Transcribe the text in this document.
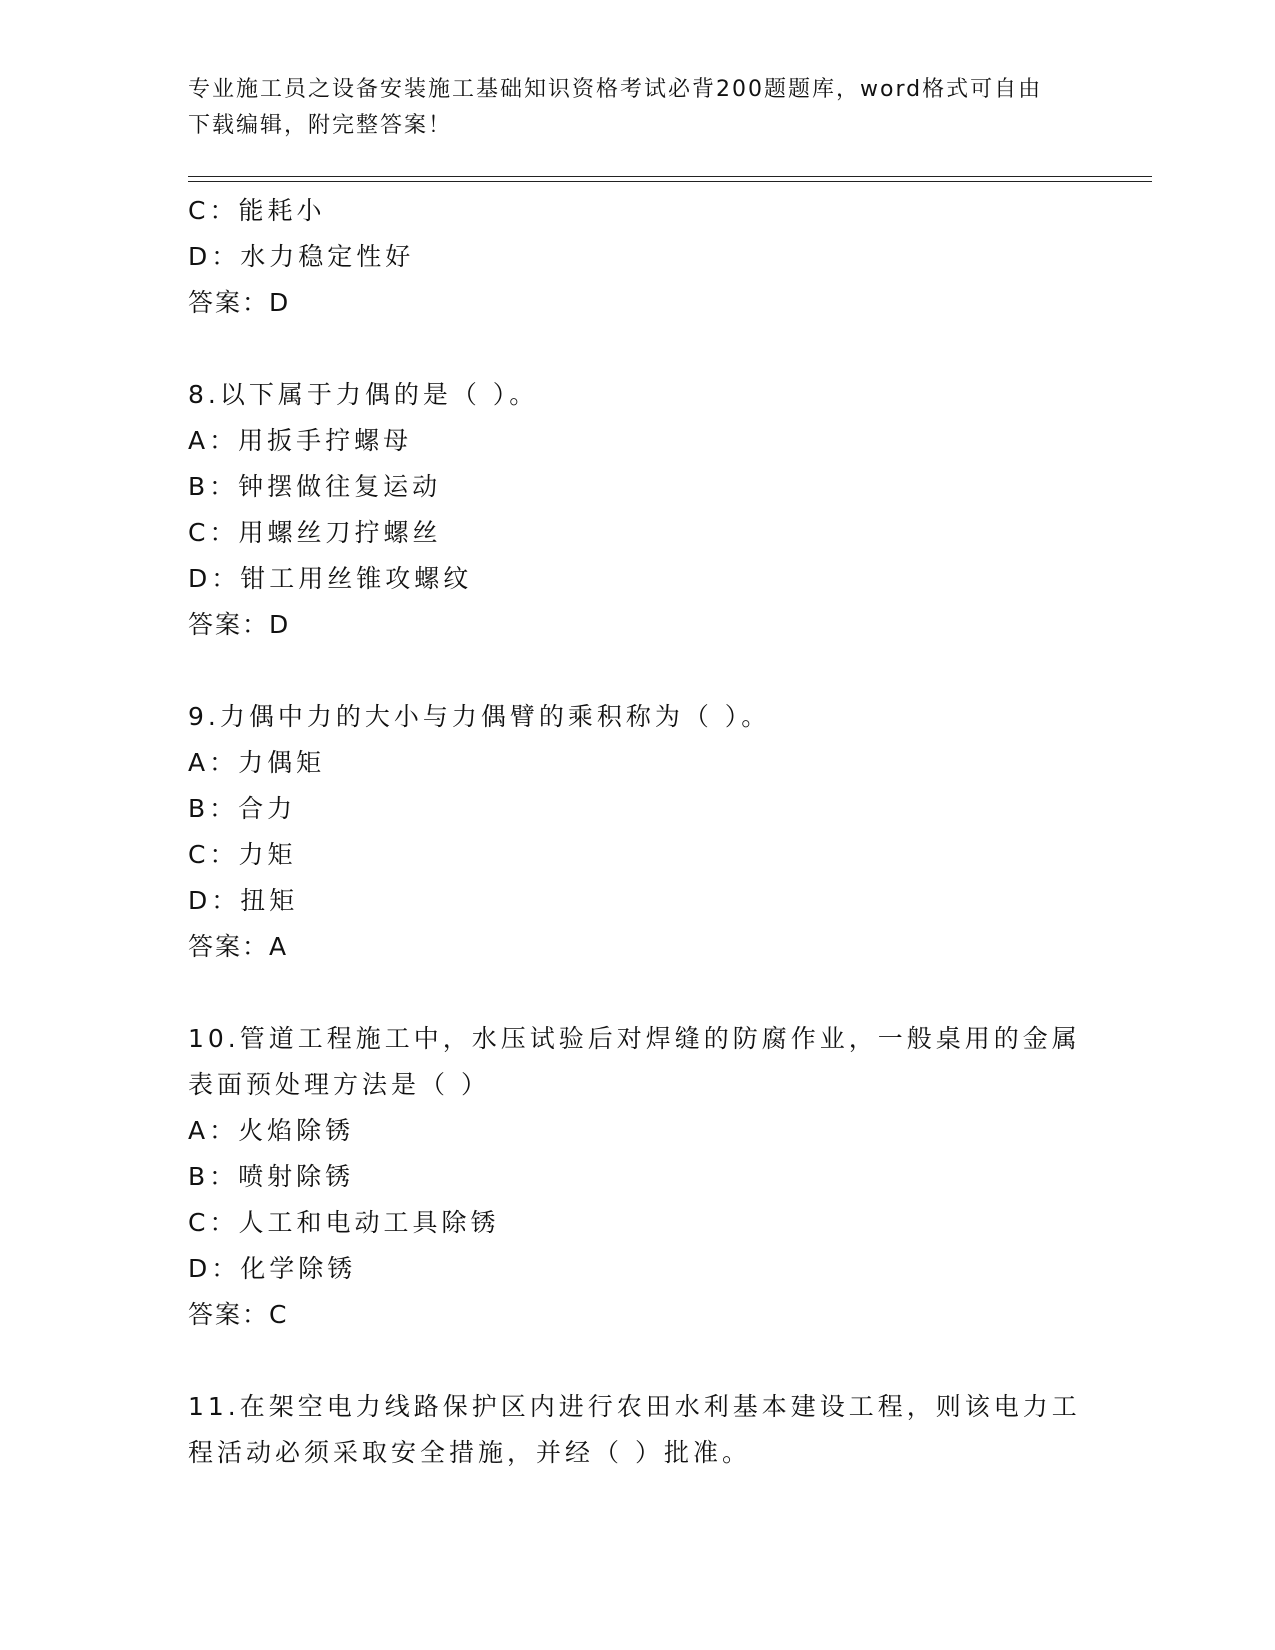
专业施工员之设备安装施工基础知识资格考试必背200题题库，word格式可自由
下载编辑，附完整答案！
C：能耗小
D：水力稳定性好
答案：D
8.以下属于力偶的是（ ）。
A：用扳手拧螺母
B：钟摆做往复运动
C：用螺丝刀拧螺丝
D：钳工用丝锥攻螺纹
答案：D
9.力偶中力的大小与力偶臂的乘积称为（ ）。
A：力偶矩
B：合力
C：力矩
D：扭矩
答案：A
10.管道工程施工中，水压试验后对焊缝的防腐作业，一般桌用的金属
表面预处理方法是（ ）
A：火焰除锈
B：喷射除锈
C：人工和电动工具除锈
D：化学除锈
答案：C
11.在架空电力线路保护区内进行农田水利基本建设工程，则该电力工
程活动必须采取安全措施，并经（ ）批准。
